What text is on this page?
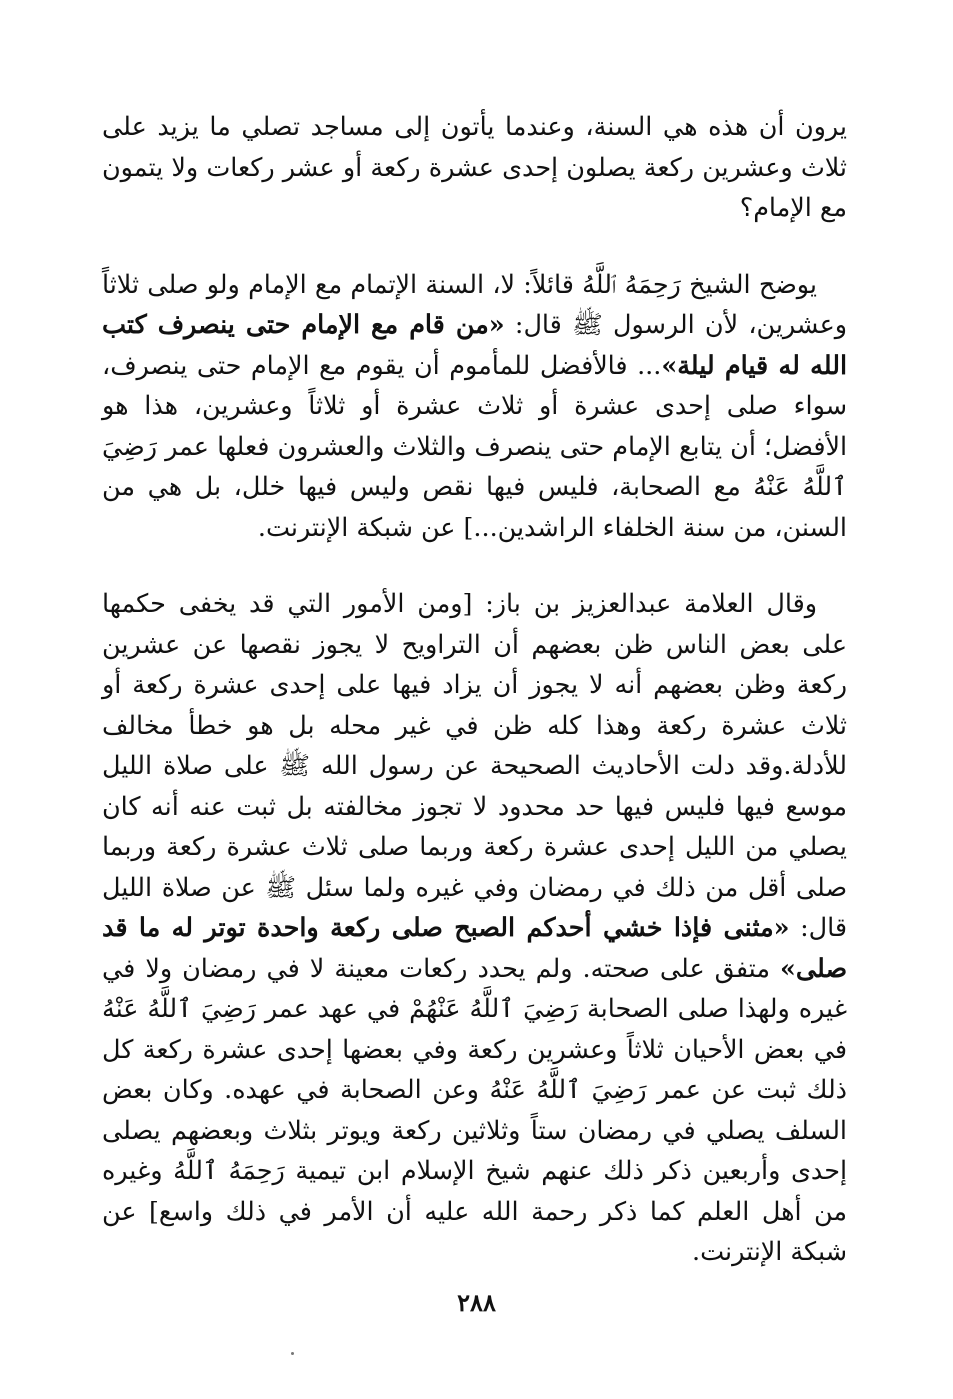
يرون أن هذه هي السنة، وعندما يأتون إلى مساجد تصلي ما يزيد على ثلاث وعشرين ركعة يصلون إحدى عشرة ركعة أو عشر ركعات ولا يتمون مع الإمام؟

يوضح الشيخ رَحِمَهُ ٱللَّهُ قائلاً: لا، السنة الإتمام مع الإمام ولو صلى ثلاثاً وعشرين، لأن الرسول ﷺ قال: «من قام مع الإمام حتى ينصرف كتب الله له قيام ليلة»... فالأفضل للمأموم أن يقوم مع الإمام حتى ينصرف، سواء صلى إحدى عشرة أو ثلاث عشرة أو ثلاثاً وعشرين، هذا هو الأفضل؛ أن يتابع الإمام حتى ينصرف والثلاث والعشرون فعلها عمر رَضِيَ ٱللَّهُ عَنْهُ مع الصحابة، فليس فيها نقص وليس فيها خلل، بل هي من السنن، من سنة الخلفاء الراشدين...] عن شبكة الإنترنت.

وقال العلامة عبدالعزيز بن باز: [ومن الأمور التي قد يخفى حكمها على بعض الناس ظن بعضهم أن التراويح لا يجوز نقصها عن عشرين ركعة وظن بعضهم أنه لا يجوز أن يزاد فيها على إحدى عشرة ركعة أو ثلاث عشرة ركعة وهذا كله ظن في غير محله بل هو خطأ مخالف للأدلة.وقد دلت الأحاديث الصحيحة عن رسول الله ﷺ على صلاة الليل موسع فيها فليس فيها حد محدود لا تجوز مخالفته بل ثبت عنه أنه كان يصلي من الليل إحدى عشرة ركعة وربما صلى ثلاث عشرة ركعة وربما صلى أقل من ذلك في رمضان وفي غيره ولما سئل ﷺ عن صلاة الليل قال: «مثنى فإذا خشي أحدكم الصبح صلى ركعة واحدة توتر له ما قد صلى» متفق على صحته. ولم يحدد ركعات معينة لا في رمضان ولا في غيره ولهذا صلى الصحابة رَضِيَ ٱللَّهُ عَنْهُمْ في عهد عمر رَضِيَ ٱللَّهُ عَنْهُ في بعض الأحيان ثلاثاً وعشرين ركعة وفي بعضها إحدى عشرة ركعة كل ذلك ثبت عن عمر رَضِيَ ٱللَّهُ عَنْهُ وعن الصحابة في عهده. وكان بعض السلف يصلي في رمضان ستاً وثلاثين ركعة ويوتر بثلاث وبعضهم يصلى إحدى وأربعين ذكر ذلك عنهم شيخ الإسلام ابن تيمية رَحِمَهُ ٱللَّهُ وغيره من أهل العلم كما ذكر رحمة الله عليه أن الأمر في ذلك واسع] عن شبكة الإنترنت.

٢٨٨
